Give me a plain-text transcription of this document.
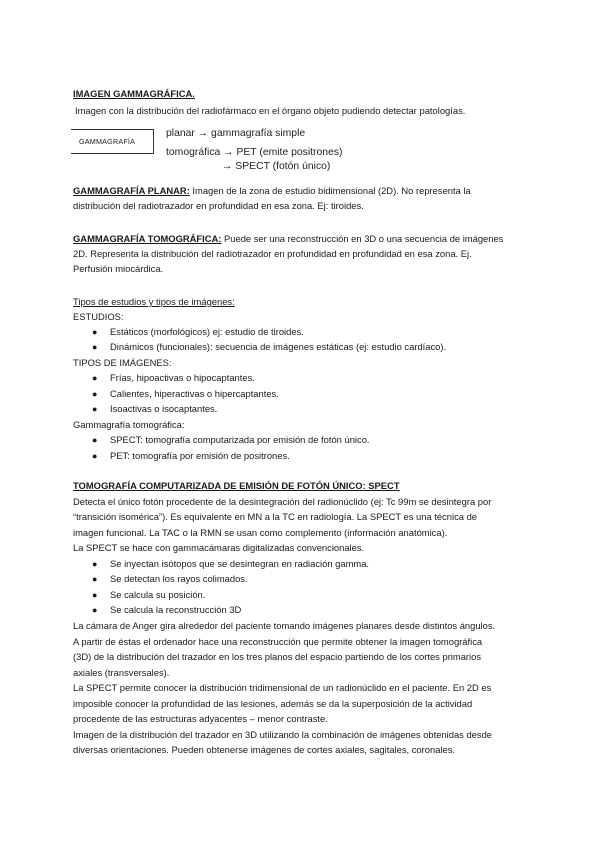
IMAGEN GAMMAGRÁFICA.
Imagen con la distribución del radiofármaco en el órgano objeto pudiendo detectar patologías.
GAMMAGRAFÍA
planar → gammagrafía simple
tomográfica → PET (emite positrones)
→ SPECT (fotón único)
GAMMAGRAFÍA PLANAR: Imagen de la zona de estudio bidimensional (2D). No representa la
distribución del radiotrazador en profundidad en esa zona. Ej: tiroides.
GAMMAGRAFÍA TOMOGRÁFICA: Puede ser una reconstrucción en 3D o una secuencia de imágenes
2D. Representa la distribución del radiotrazador en profundidad en profundidad en esa zona. Ej.
Perfusión miocárdica.
Tipos de estudios y tipos de imágenes:
ESTUDIOS:
● Estáticos (morfológicos) ej: estudio de tiroides.
● Dinámicos (funcionales): secuencia de imágenes estáticas (ej: estudio cardíaco).
TIPOS DE IMÁGENES:
● Frías, hipoactivas o hipocaptantes.
● Calientes, hiperactivas o hipercaptantes.
● Isoactivas o isocaptantes.
Gammagrafía tomográfica:
● SPECT: tomografía computarizada por emisión de fotón único.
● PET: tomografía por emisión de positrones.
TOMOGRAFÍA COMPUTARIZADA DE EMISIÓN DE FOTÓN ÚNICO: SPECT
Detecta el único fotón procedente de la desintegración del radionúclido (ej: Tc 99m se desintegra por
“transición isomérica”). Es equivalente en MN a la TC en radiología. La SPECT es una técnica de
imagen funcional. La TAC o la RMN se usan como complemento (información anatómica).
La SPECT se hace con gammacámaras digitalizadas convencionales.
● Se inyectan isótopos que se desintegran en radiación gamma.
● Se detectan los rayos colimados.
● Se calcula su posición.
● Se calcula la reconstrucción 3D
La cámara de Anger gira alrededor del paciente tomando imágenes planares desde distintos ángulos.
A partir de éstas el ordenador hace una reconstrucción que permite obtener la imagen tomográfica
(3D) de la distribución del trazador en los tres planos del espacio partiendo de los cortes primarios
axiales (transversales).
La SPECT permite conocer la distribución tridimensional de un radionúclido en el paciente. En 2D es
imposible conocer la profundidad de las lesiones, además se da la superposición de la actividad
procedente de las estructuras adyacentes – menor contraste.
Imagen de la distribución del trazador en 3D utilizando la combinación de imágenes obtenidas desde
diversas orientaciones. Pueden obtenerse imágenes de cortes axiales, sagitales, coronales.
